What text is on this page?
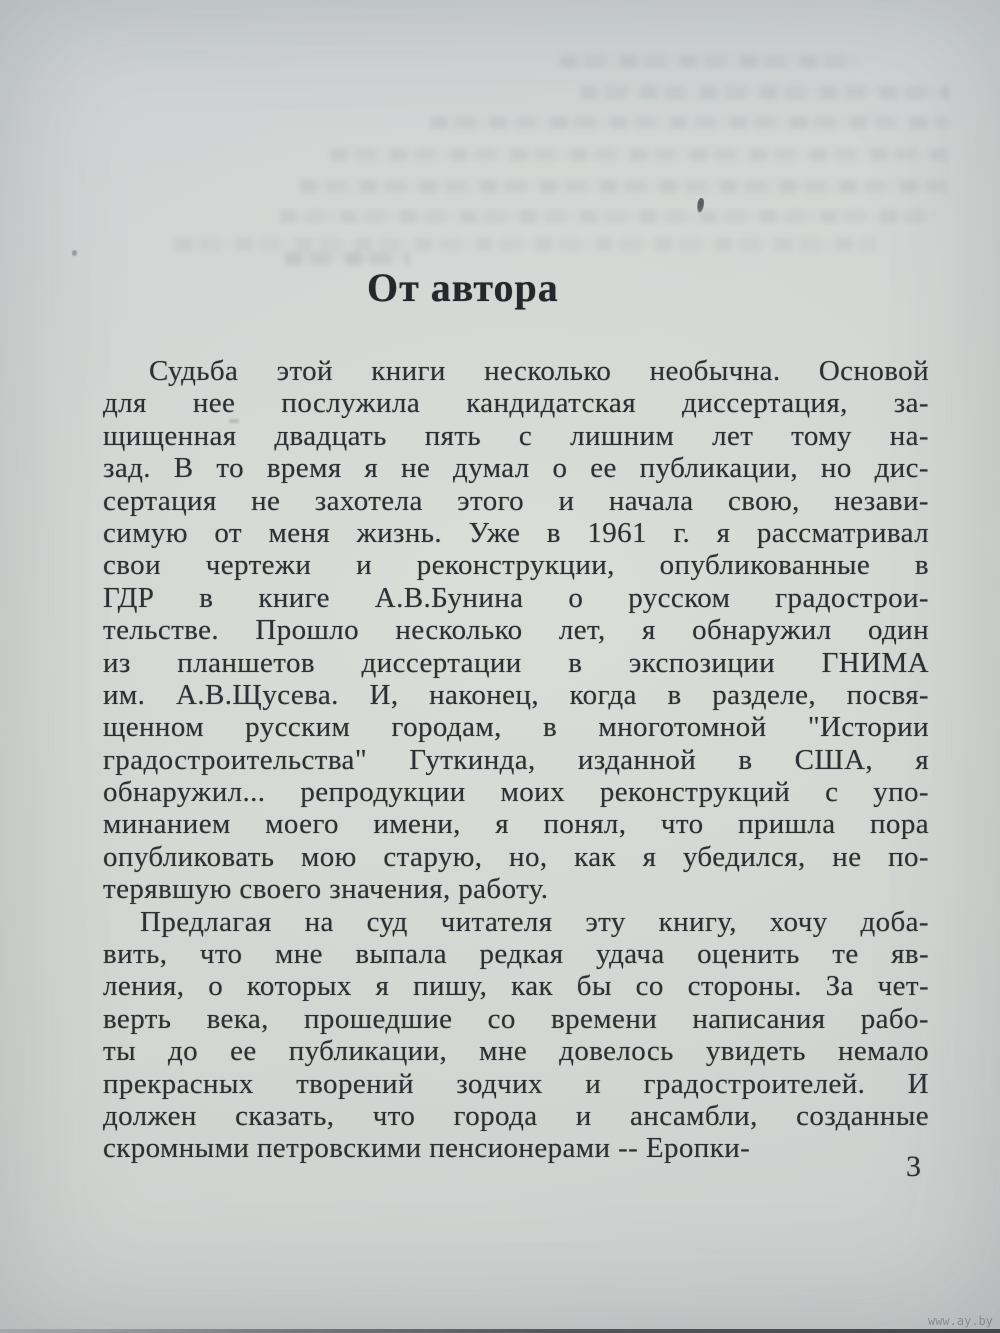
От автора
Судьба этой книги несколько необычна. Основой
для нее послужила кандидатская диссертация, за-
щищенная двадцать пять с лишним лет тому на-
зад. В то время я не думал о ее публикации, но дис-
сертация не захотела этого и начала свою, незави-
симую от меня жизнь. Уже в 1961 г. я рассматривал
свои чертежи и реконструкции, опубликованные в
ГДР в книге А.В.Бунина о русском градострои-
тельстве. Прошло несколько лет, я обнаружил один
из планшетов диссертации в экспозиции ГНИМА
им. А.В.Щусева. И, наконец, когда в разделе, посвя-
щенном русским городам, в многотомной "Истории
градостроительства" Гуткинда, изданной в США, я
обнаружил... репродукции моих реконструкций с упо-
минанием моего имени, я понял, что пришла пора
опубликовать мою старую, но, как я убедился, не по-
терявшую своего значения, работу.
Предлагая на суд читателя эту книгу, хочу доба-
вить, что мне выпала редкая удача оценить те яв-
ления, о которых я пишу, как бы со стороны. За чет-
верть века, прошедшие со времени написания рабо-
ты до ее публикации, мне довелось увидеть немало
прекрасных творений зодчих и градостроителей. И
должен сказать, что города и ансамбли, созданные
скромными петровскими пенсионерами -- Еропки-
3
www.ay.by
